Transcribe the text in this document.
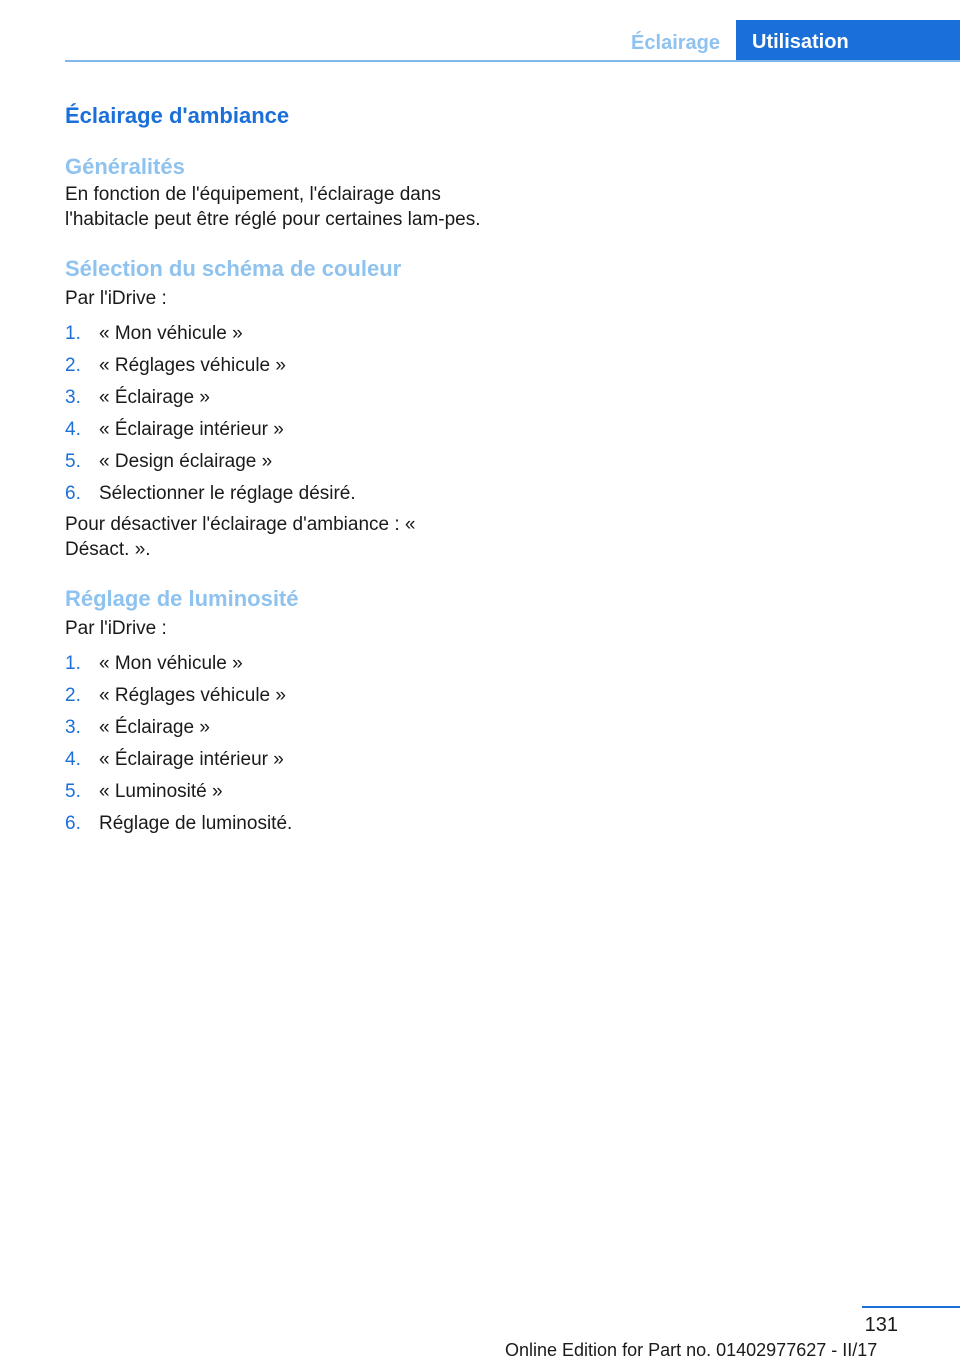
Éclairage	Utilisation
Éclairage d'ambiance
Généralités

En fonction de l'équipement, l'éclairage dans l'habitacle peut être réglé pour certaines lam-pes.

Sélection du schéma de couleur

Par l'iDrive :

1. « Mon véhicule »
2. « Réglages véhicule »
3. « Éclairage »
4. « Éclairage intérieur »
5. « Design éclairage »
6. Sélectionner le réglage désiré.

Pour désactiver l'éclairage d'ambiance : « Désact. ».

Réglage de luminosité

Par l'iDrive :

1. « Mon véhicule »
2. « Réglages véhicule »
3. « Éclairage »
4. « Éclairage intérieur »
5. « Luminosité »
6. Réglage de luminosité.
131
Online Edition for Part no. 01402977627 - II/17
